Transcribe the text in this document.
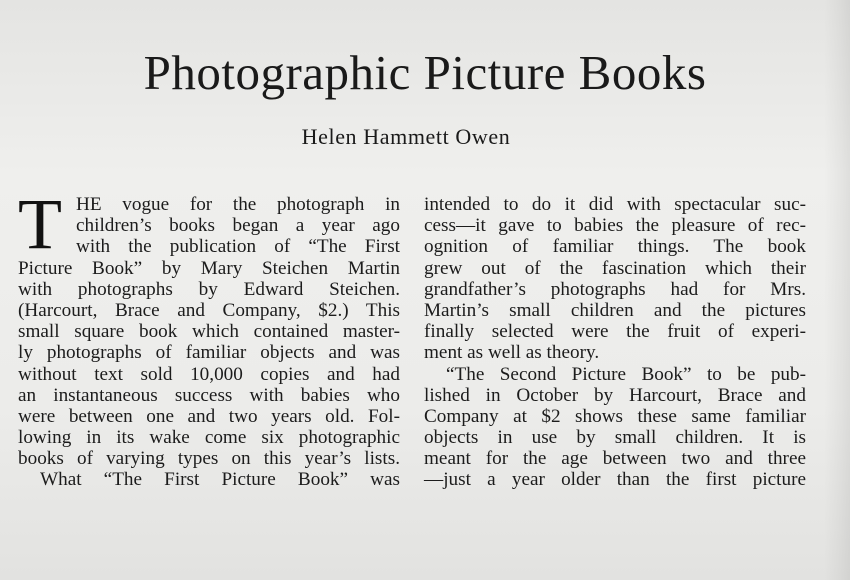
Photographic Picture Books
Helen Hammett Owen
T HE vogue for the photograph in
children’s books began a year ago
with the publication of “The First
Picture Book” by Mary Steichen Martin
with photographs by Edward Steichen.
(Harcourt, Brace and Company, $2.) This
small square book which contained master-
ly photographs of familiar objects and was
without text sold 10,000 copies and had
an instantaneous success with babies who
were between one and two years old. Fol-
lowing in its wake come six photographic
books of varying types on this year’s lists.
What “The First Picture Book” was
intended to do it did with spectacular suc-
cess—it gave to babies the pleasure of rec-
ognition of familiar things. The book
grew out of the fascination which their
grandfather’s photographs had for Mrs.
Martin’s small children and the pictures
finally selected were the fruit of experi-
ment as well as theory.
“The Second Picture Book” to be pub-
lished in October by Harcourt, Brace and
Company at $2 shows these same familiar
objects in use by small children. It is
meant for the age between two and three
—just a year older than the first picture
